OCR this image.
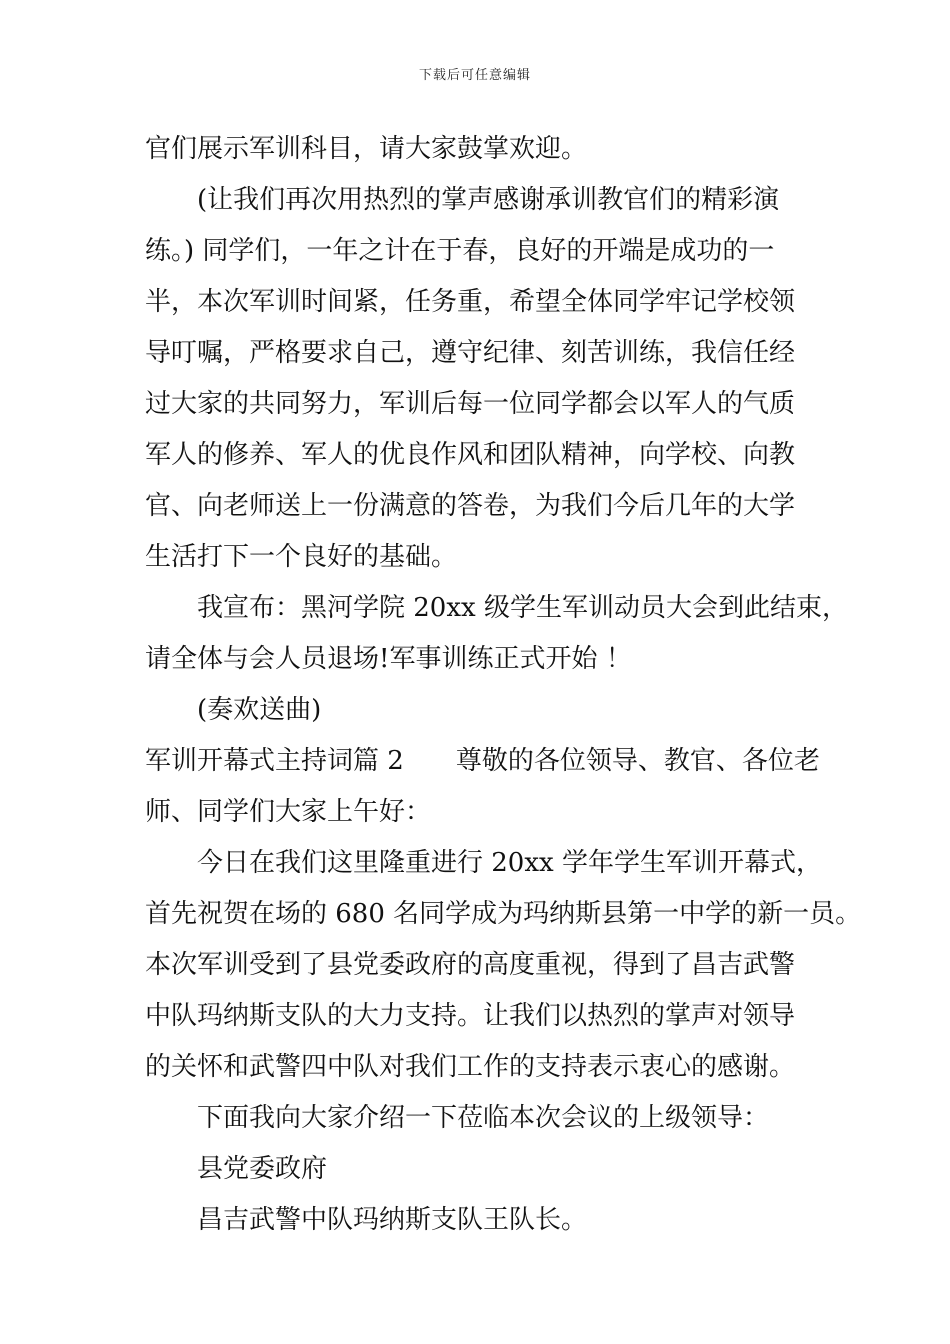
下载后可任意编辑
官们展示军训科目，请大家鼓掌欢迎。
(让我们再次用热烈的掌声感谢承训教官们的精彩演
练。) 同学们，一年之计在于春，良好的开端是成功的一
半，本次军训时间紧，任务重，希望全体同学牢记学校领
导叮嘱，严格要求自己，遵守纪律、刻苦训练，我信任经
过大家的共同努力，军训后每一位同学都会以军人的气质
军人的修养、军人的优良作风和团队精神，向学校、向教
官、向老师送上一份满意的答卷，为我们今后几年的大学
生活打下一个良好的基础。
我宣布：黑河学院 20xx 级学生军训动员大会到此结束，
请全体与会人员退场!军事训练正式开始 ！
(奏欢送曲)
军训开幕式主持词篇 2 尊敬的各位领导、教官、各位老
师、同学们大家上午好：
今日在我们这里隆重进行 20xx 学年学生军训开幕式，
首先祝贺在场的 680 名同学成为玛纳斯县第一中学的新一员。
本次军训受到了县党委政府的高度重视，得到了昌吉武警
中队玛纳斯支队的大力支持。让我们以热烈的掌声对领导
的关怀和武警四中队对我们工作的支持表示衷心的感谢。
下面我向大家介绍一下莅临本次会议的上级领导：
县党委政府
昌吉武警中队玛纳斯支队王队长。
